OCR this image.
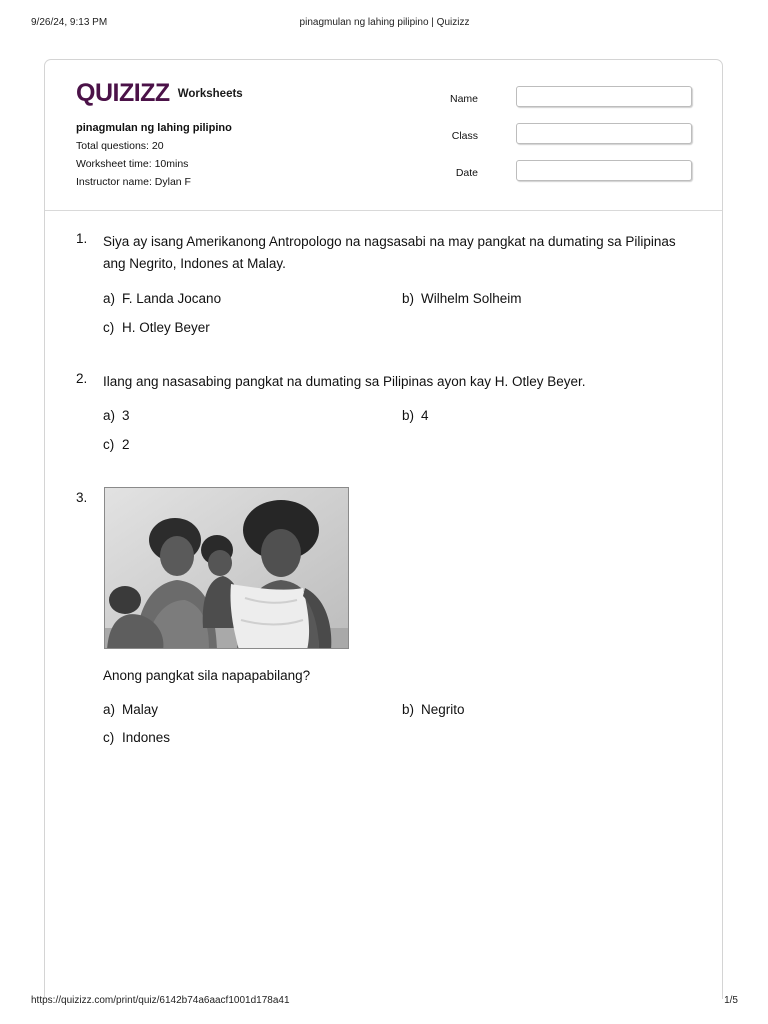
9/26/24, 9:13 PM	pinagmulan ng lahing pilipino | Quizizz
QUIZIZZ Worksheets
pinagmulan ng lahing pilipino
Total questions: 20
Worksheet time: 10mins
Instructor name: Dylan F
Name
Class
Date
1. Siya ay isang Amerikanong Antropologo na nagsasabi na may pangkat na dumating sa Pilipinas ang Negrito, Indones at Malay.
a) F. Landa Jocano	b) Wilhelm Solheim
c) H. Otley Beyer
2. Ilang ang nasasabing pangkat na dumating sa Pilipinas ayon kay H. Otley Beyer.
a) 3	b) 4
c) 2
3.
Anong pangkat sila napapabilang?
a) Malay	b) Negrito
c) Indones
https://quizizz.com/print/quiz/6142b74a6aacf1001d178a41	1/5
